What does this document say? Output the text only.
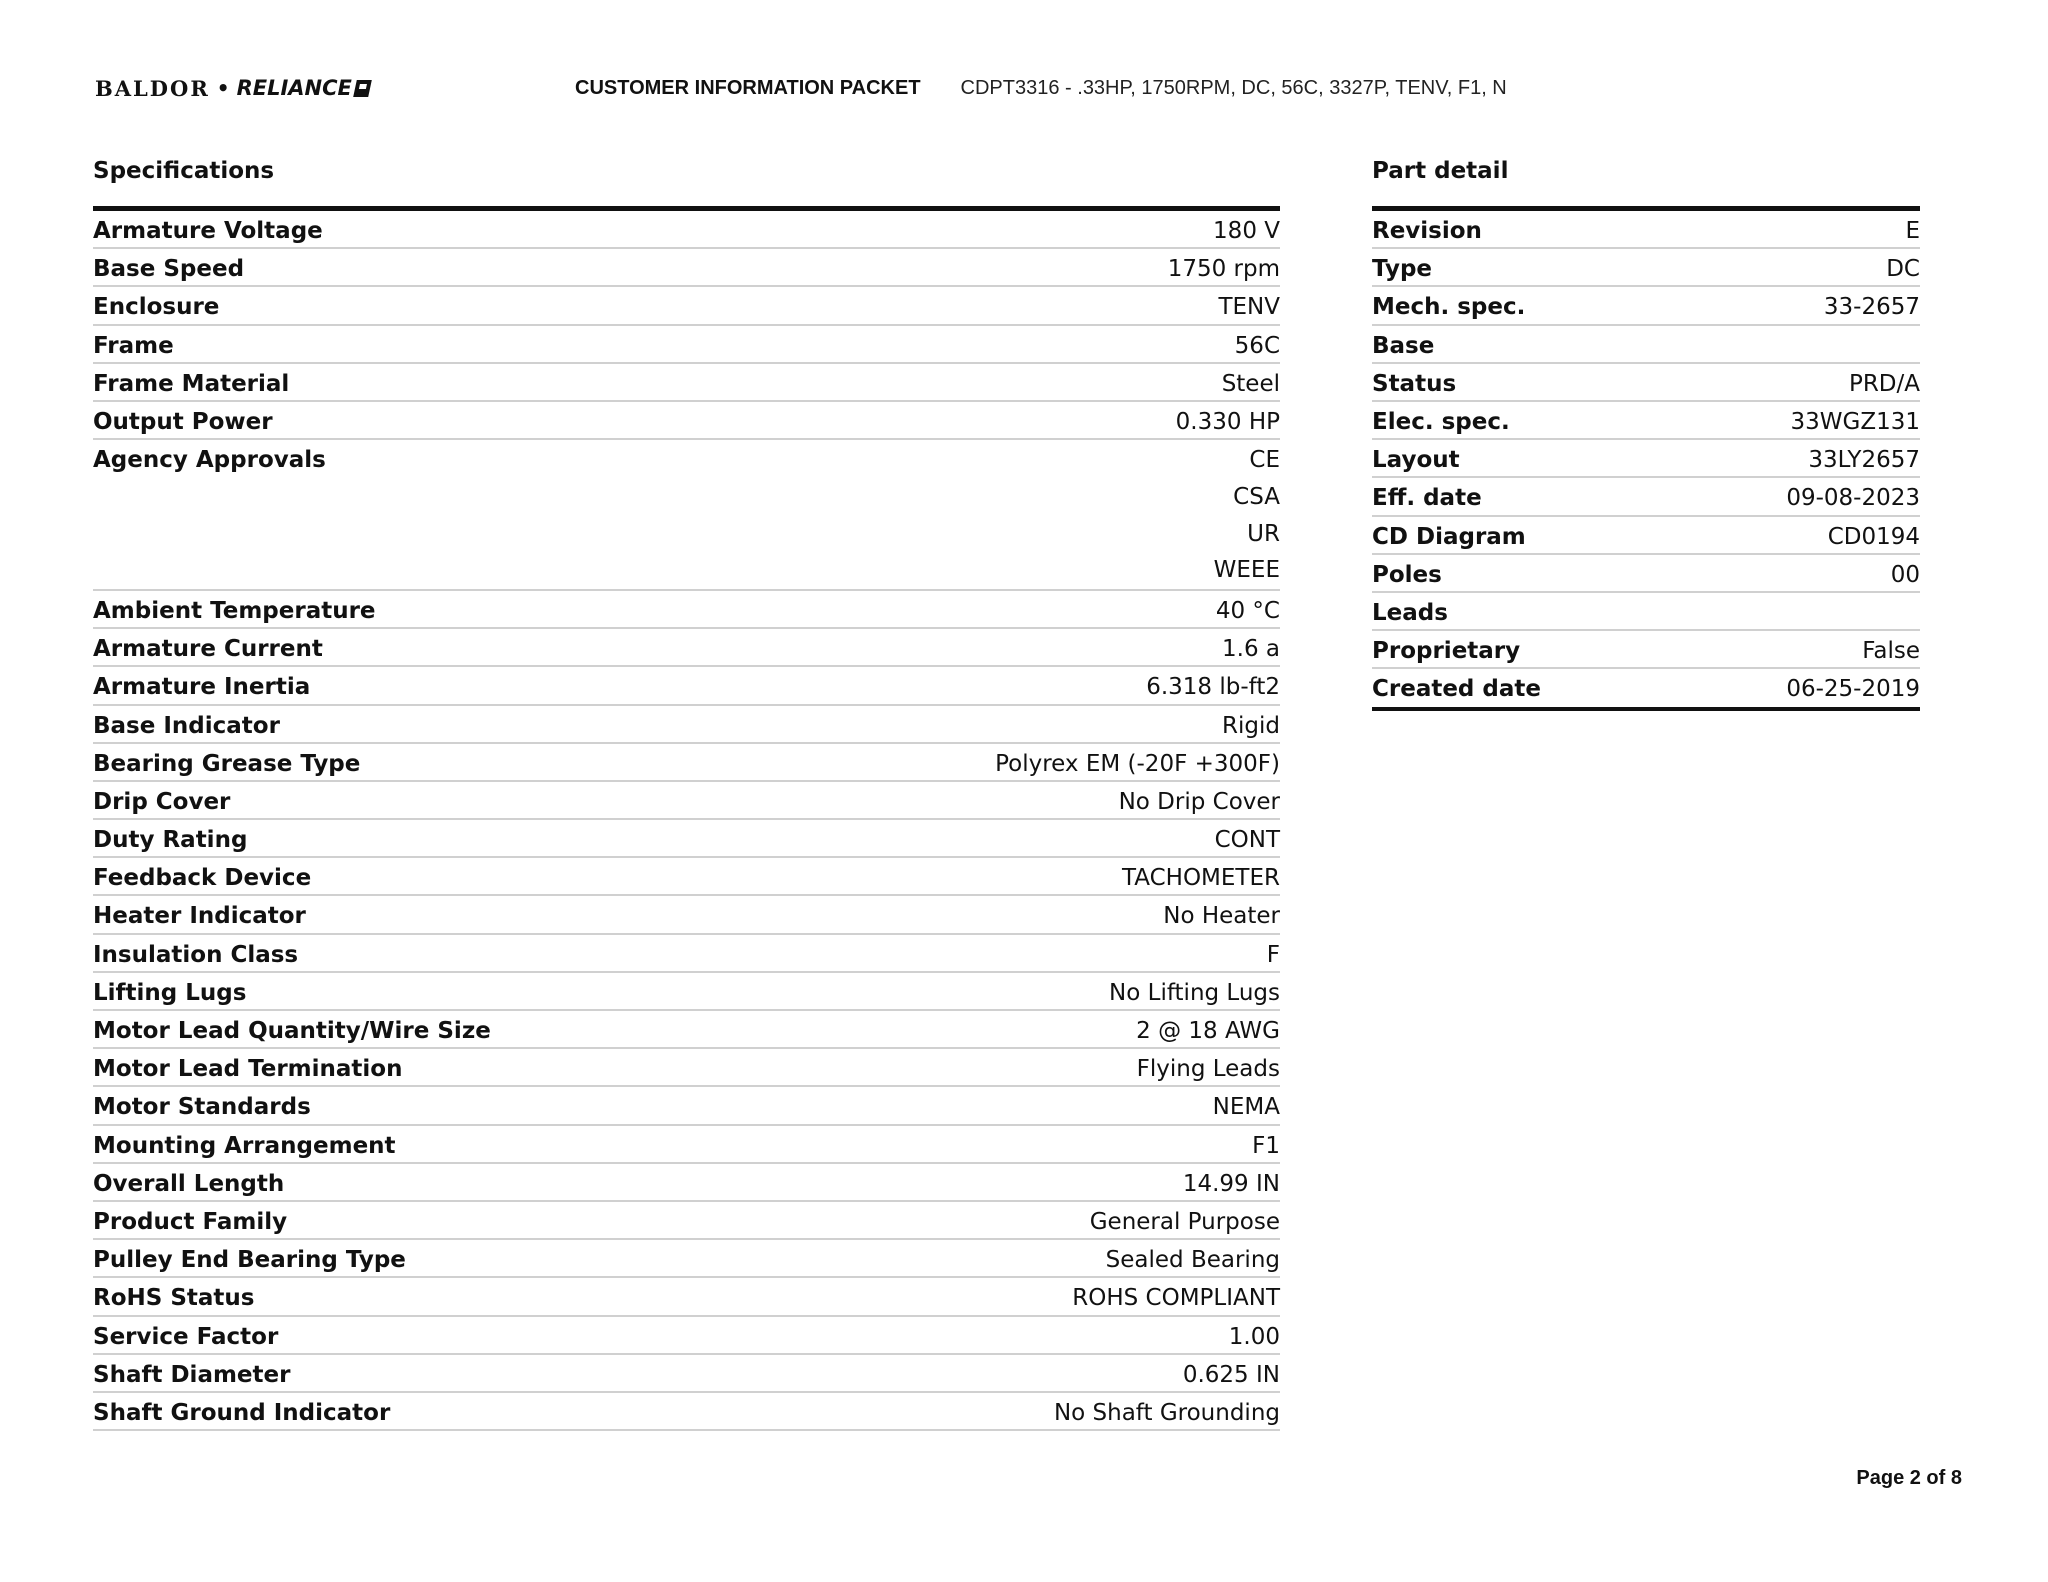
BALDOR • RELIANCE	CUSTOMER INFORMATION PACKET CDPT3316 - .33HP, 1750RPM, DC, 56C, 3327P, TENV, F1, N
Specifications
Armature Voltage	180 V
Base Speed	1750 rpm
Enclosure	TENV
Frame	56C
Frame Material	Steel
Output Power	0.330 HP
Agency Approvals	CE
CSA
UR
WEEE
Ambient Temperature	40 °C
Armature Current	1.6 a
Armature Inertia	6.318 lb-ft2
Base Indicator	Rigid
Bearing Grease Type	Polyrex EM (-20F +300F)
Drip Cover	No Drip Cover
Duty Rating	CONT
Feedback Device	TACHOMETER
Heater Indicator	No Heater
Insulation Class	F
Lifting Lugs	No Lifting Lugs
Motor Lead Quantity/Wire Size	2 @ 18 AWG
Motor Lead Termination	Flying Leads
Motor Standards	NEMA
Mounting Arrangement	F1
Overall Length	14.99 IN
Product Family	General Purpose
Pulley End Bearing Type	Sealed Bearing
RoHS Status	ROHS COMPLIANT
Service Factor	1.00
Shaft Diameter	0.625 IN
Shaft Ground Indicator	No Shaft Grounding
Part detail
Revision	E
Type	DC
Mech. spec.	33-2657
Base
Status	PRD/A
Elec. spec.	33WGZ131
Layout	33LY2657
Eff. date	09-08-2023
CD Diagram	CD0194
Poles	00
Leads
Proprietary	False
Created date	06-25-2019
Page 2 of 8
